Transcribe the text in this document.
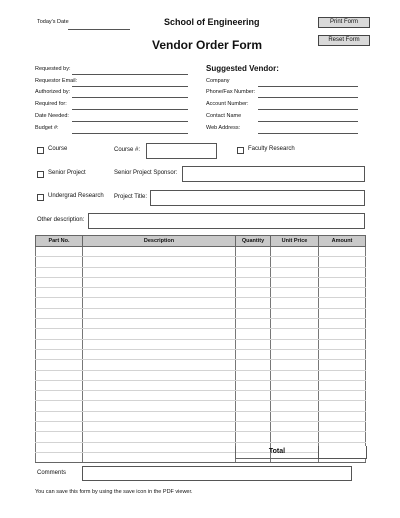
Today's Date	School of Engineering
Vendor Order Form
Print Form
Reset Form
Requested by:
Requestor Email:
Authorized by:
Required for:
Date Needed:
Budget #:
Suggested Vendor:
Company
Phone/Fax Number:
Account Number:
Contact Name
Web Address:
Course	Course #:	Faculty Research
Senior Project	Senior Project Sponsor:
Undergrad Research Project Title:
Other description:
Part No.	Description	Quantity	Unit Price	Amount

Total
Comments
You can save this form by using the save icon in the PDF viewer.
